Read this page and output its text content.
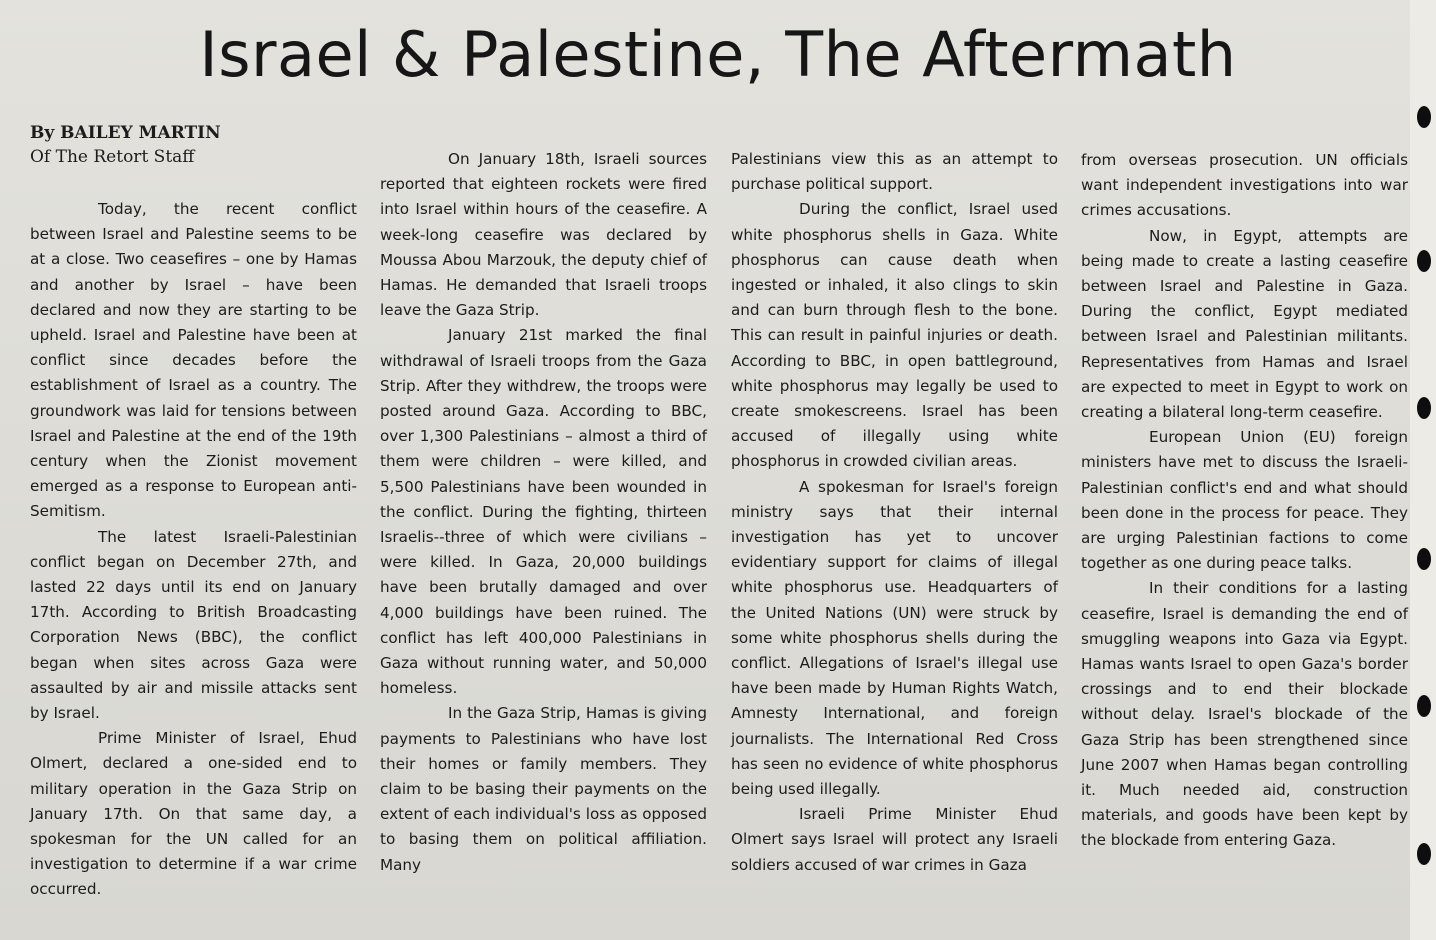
Israel & Palestine, The Aftermath
By BAILEY MARTIN
Of The Retort Staff

Today, the recent conflict between Israel and Palestine seems to be at a close. Two ceasefires – one by Hamas and another by Israel – have been declared and now they are starting to be upheld. Israel and Palestine have been at conflict since decades before the establishment of Israel as a country. The groundwork was laid for tensions between Israel and Palestine at the end of the 19th century when the Zionist movement emerged as a response to European anti-Semitism.

The latest Israeli-Palestinian conflict began on December 27th, and lasted 22 days until its end on January 17th. According to British Broadcasting Corporation News (BBC), the conflict began when sites across Gaza were assaulted by air and missile attacks sent by Israel.

Prime Minister of Israel, Ehud Olmert, declared a one-sided end to military operation in the Gaza Strip on January 17th. On that same day, a spokesman for the UN called for an investigation to determine if a war crime occurred.

On January 18th, Israeli sources reported that eighteen rockets were fired into Israel within hours of the ceasefire. A week-long ceasefire was declared by Moussa Abou Marzouk, the deputy chief of Hamas. He demanded that Israeli troops leave the Gaza Strip.

January 21st marked the final withdrawal of Israeli troops from the Gaza Strip. After they withdrew, the troops were posted around Gaza. According to BBC, over 1,300 Palestinians – almost a third of them were children – were killed, and 5,500 Palestinians have been wounded in the conflict. During the fighting, thirteen Israelis--three of which were civilians – were killed. In Gaza, 20,000 buildings have been brutally damaged and over 4,000 buildings have been ruined. The conflict has left 400,000 Palestinians in Gaza without running water, and 50,000 homeless.

In the Gaza Strip, Hamas is giving payments to Palestinians who have lost their homes or family members. They claim to be basing their payments on the extent of each individual's loss as opposed to basing them on political affiliation. Many

Palestinians view this as an attempt to purchase political support.

During the conflict, Israel used white phosphorus shells in Gaza. White phosphorus can cause death when ingested or inhaled, it also clings to skin and can burn through flesh to the bone. This can result in painful injuries or death. According to BBC, in open battleground, white phosphorus may legally be used to create smokescreens. Israel has been accused of illegally using white phosphorus in crowded civilian areas.

A spokesman for Israel's foreign ministry says that their internal investigation has yet to uncover evidentiary support for claims of illegal white phosphorus use. Headquarters of the United Nations (UN) were struck by some white phosphorus shells during the conflict. Allegations of Israel's illegal use have been made by Human Rights Watch, Amnesty International, and foreign journalists. The International Red Cross has seen no evidence of white phosphorus being used illegally.

Israeli Prime Minister Ehud Olmert says Israel will protect any Israeli soldiers accused of war crimes in Gaza

from overseas prosecution. UN officials want independent investigations into war crimes accusations.

Now, in Egypt, attempts are being made to create a lasting ceasefire between Israel and Palestine in Gaza. During the conflict, Egypt mediated between Israel and Palestinian militants. Representatives from Hamas and Israel are expected to meet in Egypt to work on creating a bilateral long-term ceasefire.

European Union (EU) foreign ministers have met to discuss the Israeli-Palestinian conflict's end and what should been done in the process for peace. They are urging Palestinian factions to come together as one during peace talks.

In their conditions for a lasting ceasefire, Israel is demanding the end of smuggling weapons into Gaza via Egypt. Hamas wants Israel to open Gaza's border crossings and to end their blockade without delay. Israel's blockade of the Gaza Strip has been strengthened since June 2007 when Hamas began controlling it. Much needed aid, construction materials, and goods have been kept by the blockade from entering Gaza.
